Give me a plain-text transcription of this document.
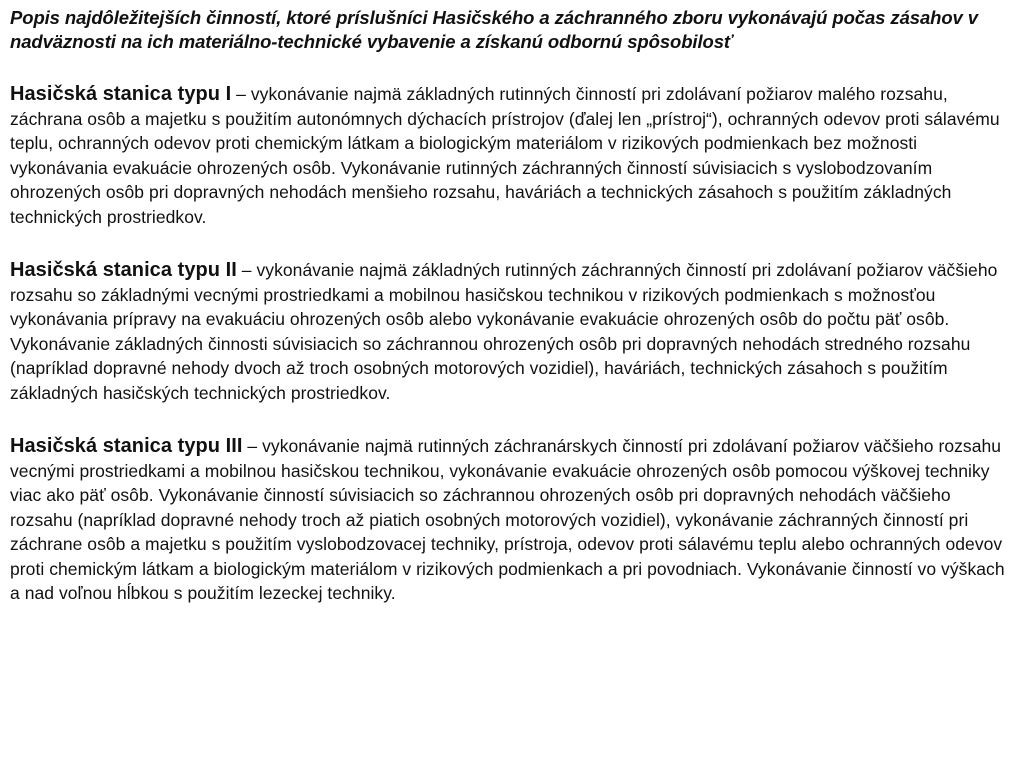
Popis najdôležitejších činností, ktoré príslušníci Hasičského a záchranného zboru vykonávajú počas zásahov v nadväznosti na ich materiálno-technické vybavenie a získanú odbornú spôsobilosť

Hasičská stanica typu I – vykonávanie najmä základných rutinných činností pri zdolávaní požiarov malého rozsahu, záchrana osôb a majetku s použitím autonómnych dýchacích prístrojov (ďalej len „prístroj“), ochranných odevov proti sálavému teplu, ochranných odevov proti chemickým látkam a biologickým materiálom v rizikových podmienkach bez možnosti vykonávania evakuácie ohrozených osôb. Vykonávanie rutinných záchranných činností súvisiacich s vyslobodzovaním ohrozených osôb pri dopravných nehodách menšieho rozsahu, haváriách a technických zásahoch s použitím základných technických prostriedkov.

Hasičská stanica typu II – vykonávanie najmä základných rutinných záchranných činností pri zdolávaní požiarov väčšieho rozsahu so základnými vecnými prostriedkami a mobilnou hasičskou technikou v rizikových podmienkach s možnosťou vykonávania prípravy na evakuáciu ohrozených osôb alebo vykonávanie evakuácie ohrozených osôb do počtu päť osôb. Vykonávanie základných činnosti súvisiacich so záchrannou ohrozených osôb pri dopravných nehodách stredného rozsahu (napríklad dopravné nehody dvoch až troch osobných motorových vozidiel), haváriách, technických zásahoch s použitím základných hasičských technických prostriedkov.

Hasičská stanica typu III – vykonávanie najmä rutinných záchranárskych činností pri zdolávaní požiarov väčšieho rozsahu vecnými prostriedkami a mobilnou hasičskou technikou, vykonávanie evakuácie ohrozených osôb pomocou výškovej techniky viac ako päť osôb. Vykonávanie činností súvisiacich so záchrannou ohrozených osôb pri dopravných nehodách väčšieho rozsahu (napríklad dopravné nehody troch až piatich osobných motorových vozidiel), vykonávanie záchranných činností pri záchrane osôb a majetku s použitím vyslobodzovacej techniky, prístroja, odevov proti sálavému teplu alebo ochranných odevov proti chemickým látkam a biologickým materiálom v rizikových podmienkach a pri povodniach. Vykonávanie činností vo výškach a nad voľnou hĺbkou s použitím lezeckej techniky.
